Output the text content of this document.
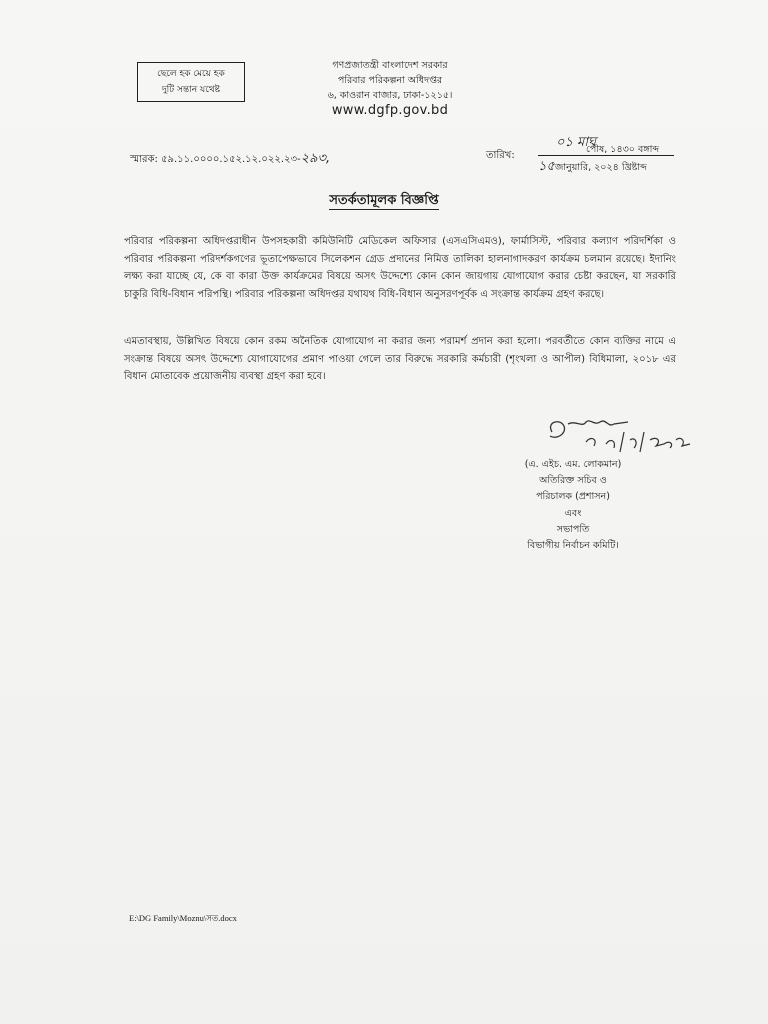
ছেলে হক মেয়ে হক
দুটি সন্তান যথেষ্ট
গণপ্রজাতন্ত্রী বাংলাদেশ সরকার
পরিবার পরিকল্পনা অধিদপ্তর
৬, কাওরান বাজার, ঢাকা-১২১৫।
www.dgfp.gov.bd
স্মারক: ৫৯.১১.০০০০.১৫২.১২.০২২.২৩-২৯৩,	তারিখ:
০১ মাঘ
পৌষ, ১৪৩০ বঙ্গাব্দ
১৫জানুয়ারি, ২০২৪ খ্রিষ্টাব্দ
সতর্কতামূলক বিজ্ঞপ্তি
পরিবার পরিকল্পনা অধিদপ্তরাধীন উপসহকারী কমিউনিটি মেডিকেল অফিসার (এসএসিএমও), ফার্মাসিস্ট, পরিবার কল্যাণ পরিদর্শিকা ও পরিবার পরিকল্পনা পরিদর্শকগণের ভূতাপেক্ষভাবে সিলেকশন গ্রেড প্রদানের নিমিত্ত তালিকা হালনাগাদকরণ কার্যক্রম চলমান রয়েছে। ইদানিং লক্ষ্য করা যাচ্ছে যে, কে বা কারা উক্ত কার্যক্রমের বিষয়ে অসৎ উদ্দেশ্যে কোন কোন জায়গায় যোগাযোগ করার চেষ্টা করছেন, যা সরকারি চাকুরি বিধি-বিধান পরিপন্থি। পরিবার পরিকল্পনা অধিদপ্তর যথাযথ বিধি-বিধান অনুসরণপূর্বক এ সংক্রান্ত কার্যক্রম গ্রহণ করছে।
এমতাবস্থায়, উল্লিখিত বিষয়ে কোন রকম অনৈতিক যোগাযোগ না করার জন্য পরামর্শ প্রদান করা হলো। পরবর্তীতে কোন ব্যক্তির নামে এ সংক্রান্ত বিষয়ে অসৎ উদ্দেশ্যে যোগাযোগের প্রমাণ পাওয়া গেলে তার বিরুদ্ধে সরকারি কর্মচারী (শৃংখলা ও আপীল) বিধিমালা, ২০১৮ এর বিধান মোতাবেক প্রয়োজনীয় ব্যবস্থা গ্রহণ করা হবে।
(এ. এইচ. এম. লোকমান)
অতিরিক্ত সচিব ও
পরিচালক (প্রশাসন)
এবং
সভাপতি
বিভাগীয় নির্বাচন কমিটি।
E:\DG Family\Moznu\সত.docx
